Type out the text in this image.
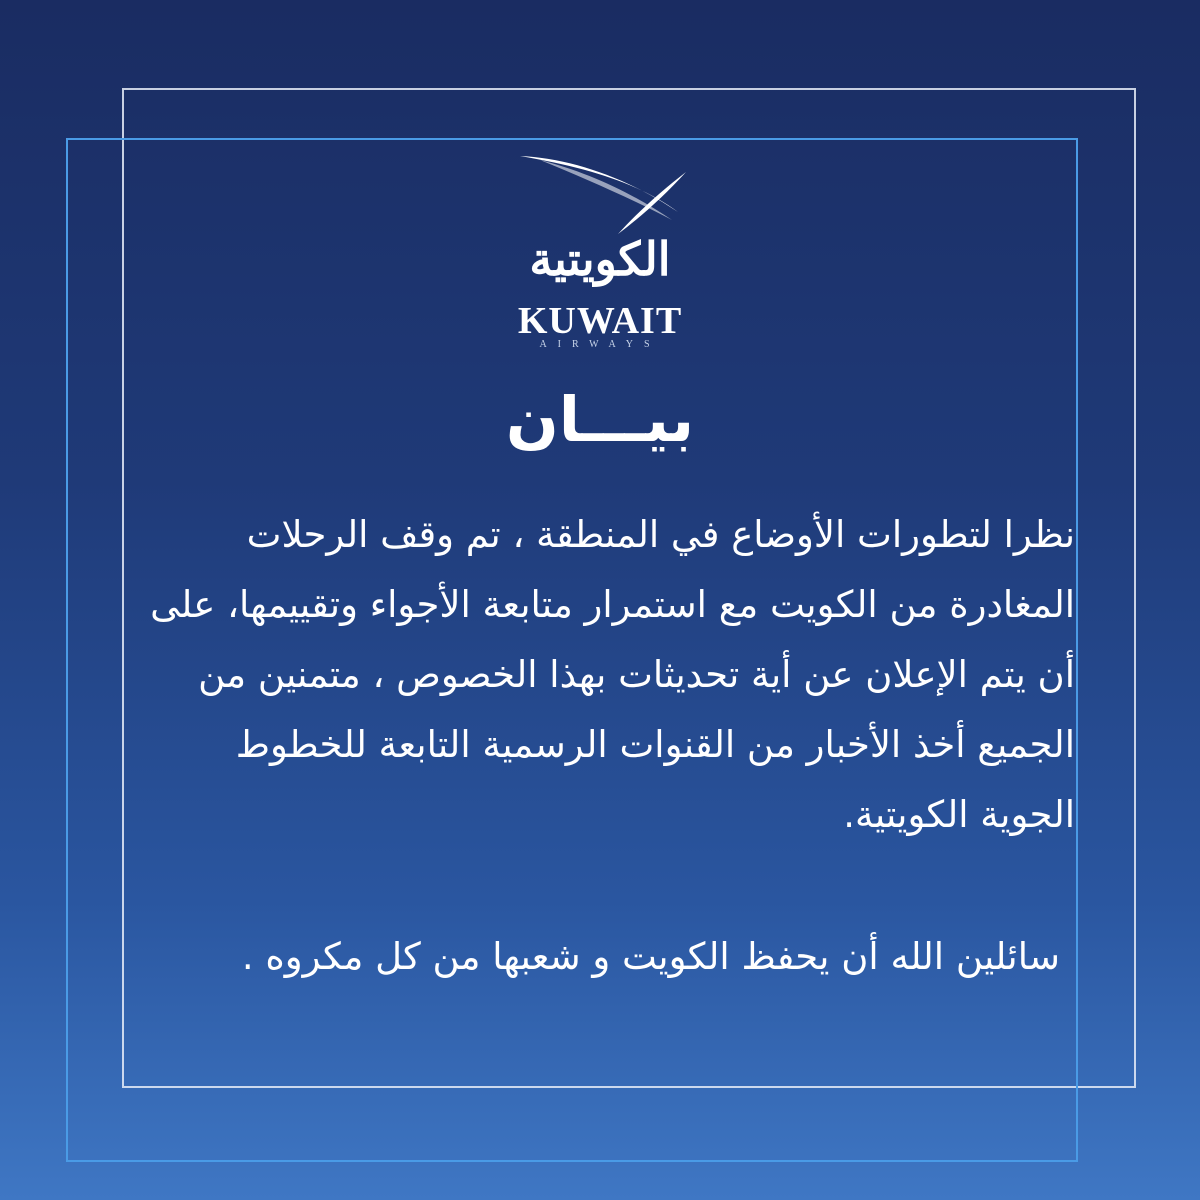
الكويتية
KUWAIT
AIRWAYS
بيـــان
نظرا لتطورات الأوضاع في المنطقة ، تم وقف الرحلات المغادرة من الكويت مع استمرار متابعة الأجواء وتقييمها، على أن يتم الإعلان عن أية تحديثات بهذا الخصوص ، متمنين من الجميع أخذ الأخبار من القنوات الرسمية التابعة للخطوط الجوية الكويتية.
سائلين الله أن يحفظ الكويت و شعبها من كل مكروه .
